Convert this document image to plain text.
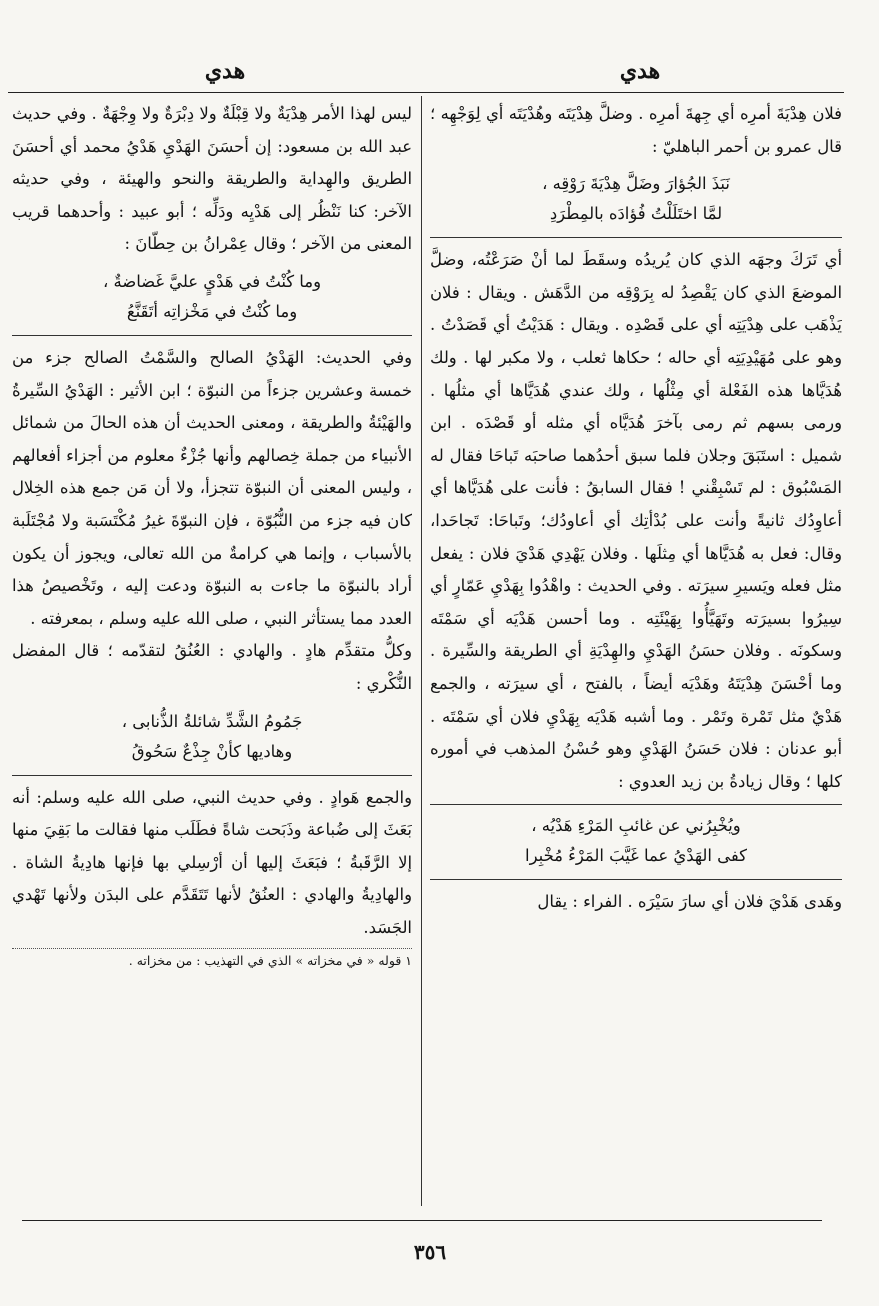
هدي
هدي

فلان هِدْيَةَ أمرِه أي جِهةَ أمرِه . وضلَّ هِدْيَتَه وهُدْيَتَه أي لِوَجْهِه ؛ قال عمرو بن أحمر الباهليّ :

نَبَذَ الجُؤارَ وضَلَّ هِدْيَةَ رَوْقِه ،
لمَّا اختَلَلْتُ فُؤادَه بالمِطْرَدِ

أي تَرَكَ وجهَه الذي كان يُريدُه وسقَطَ لما أنْ صَرَعْتُه، وضلَّ الموضعَ الذي كان يَقْصِدُ له بِرَوْقِه من الدَّهَش . ويقال : فلان يَذْهَب على هِدْيَتِه أي على قَصْدِه . ويقال : هَدَيْتُ أي قَصَدْتُ . وهو على مُهَيْدِيَتِه أي حاله ؛ حكاها ثعلب ، ولا مكبر لها . ولك هُدَيَّاها هذه الفَعْلة أي مِثْلُها ، ولك عندي هُدَيَّاها أي مثلُها . ورمى بسهم ثم رمى بآخرَ هُدَيَّاه أي مثله أو قَصْدَه . ابن شميل : استَبَقَ وجلان فلما سبق أحدُهما صاحبَه تَباحَا فقال له المَسْبُوق : لم تَسْبِقْني ! فقال السابقُ : فأنت على هُدَيَّاها أي أعاوِدُك ثانيةً وأنت على بُدْأتِك أي أعاودُك؛ وتَباحَا: تَجاحَدا، وقال: فعل به هُدَيَّاها أي مِثلَها . وفلان يَهْدِي هَدْيَ فلان : يفعل مثل فعله ويَسيرِ سيرَته . وفي الحديث : واهْدُوا بِهَدْيِ عَمّارٍ أي سِيرُوا بسيرَته وتَهَيَّأُوا بِهَيْئَتِه . وما أحسن هَدْيَه أي سَمْتَه وسكونَه . وفلان حسَنُ الهَدْيِ والهِدْيَةِ أي الطريقة والسِّيرة . وما أحْسَنَ هِدْيَتَهُ وهَدْيَه أيضاً ، بالفتح ، أي سيرَته ، والجمع هَدْيٌ مثل تَمْرة وتَمْر . وما أشبه هَدْيَه بِهَدْيِ فلان أي سَمْتَه . أبو عدنان : فلان حَسَنُ الهَدْيِ وهو حُسْنُ المذهب في أموره كلها ؛ وقال زيادةُ بن زيد العدوي :

ويُخْبِرُني عن غائبِ المَرْءِ هَدْيُه ،
كفى الهَدْيُ عما غَيَّبَ المَرْءُ مُخْبِرا

وهَدى هَدْيَ فلان أي سارَ سَيْرَه . الفراء : يقال

ليس لهذا الأمر هِدْيَةٌ ولا قِبْلَةٌ ولا دِبْرَةٌ ولا وِجْهَةٌ . وفي حديث عبد الله بن مسعود: إن أحسَنَ الهَدْيِ هَدْيُ محمد أي أحسَنَ الطريق والهِداية والطريقة والنحو والهيئة ، وفي حديثه الآخر: كنا نَنْظُر إلى هَدْيِه ودَلِّه ؛ أبو عبيد : وأحدهما قريب المعنى من الآخر ؛ وقال عِمْرانُ بن حِطّانَ :

وما كُنْتُ في هَدْيٍ عليَّ غَضاضةٌ ،
وما كُنْتُ في مَخْزاتِه أتَقَنَّعُ

وفي الحديث: الهَدْيُ الصالح والسَّمْتُ الصالح جزء من خمسة وعشرين جزءاً من النبوّة ؛ ابن الأثير : الهَدْيُ السِّيرةُ والهَيْئةُ والطريقة ، ومعنى الحديث أن هذه الحالَ من شمائل الأنبياء من جملة خِصالهم وأنها جُزْءٌ معلوم من أجزاء أفعالهم ، وليس المعنى أن النبوّة تتجزأ، ولا أن مَن جمع هذه الخِلال كان فيه جزء من النُّبُوّة ، فإن النبوّةَ غيرُ مُكْتَسَبة ولا مُجْتَلَبة بالأسباب ، وإنما هي كرامةٌ من الله تعالى، ويجوز أن يكون أراد بالنبوّة ما جاءت به النبوّة ودعت إليه ، وتَخْصيصُ هذا العدد مما يستأثر النبي ، صلى الله عليه وسلم ، بمعرفته .

وكلُّ متقدِّم هادٍ . والهادي : العُنُقُ لتقدّمه ؛ قال المفضل النُّكْري :

جَمُومُ الشَّدِّ شائلةُ الذُّنابى ،
وهاديها كأنْ جِذْعٌ سَحُوقُ

والجمع هَوادٍ . وفي حديث النبي، صلى الله عليه وسلم: أنه بَعَثَ إلى ضُباعة وذَبَحت شاةً فطَلَب منها فقالت ما بَقِيَ منها إلا الرَّقَبةُ ؛ فبَعَثَ إليها أن أرْسِلي بها فإنها هادِيةُ الشاة . والهادِيةُ والهادي : العنُقُ لأنها تَتَقَدَّم على البدَن ولأنها تَهْدي الجَسَد.

١ قوله « في مخزاته » الذي في التهذيب : من مخزاته .
٣٥٦
